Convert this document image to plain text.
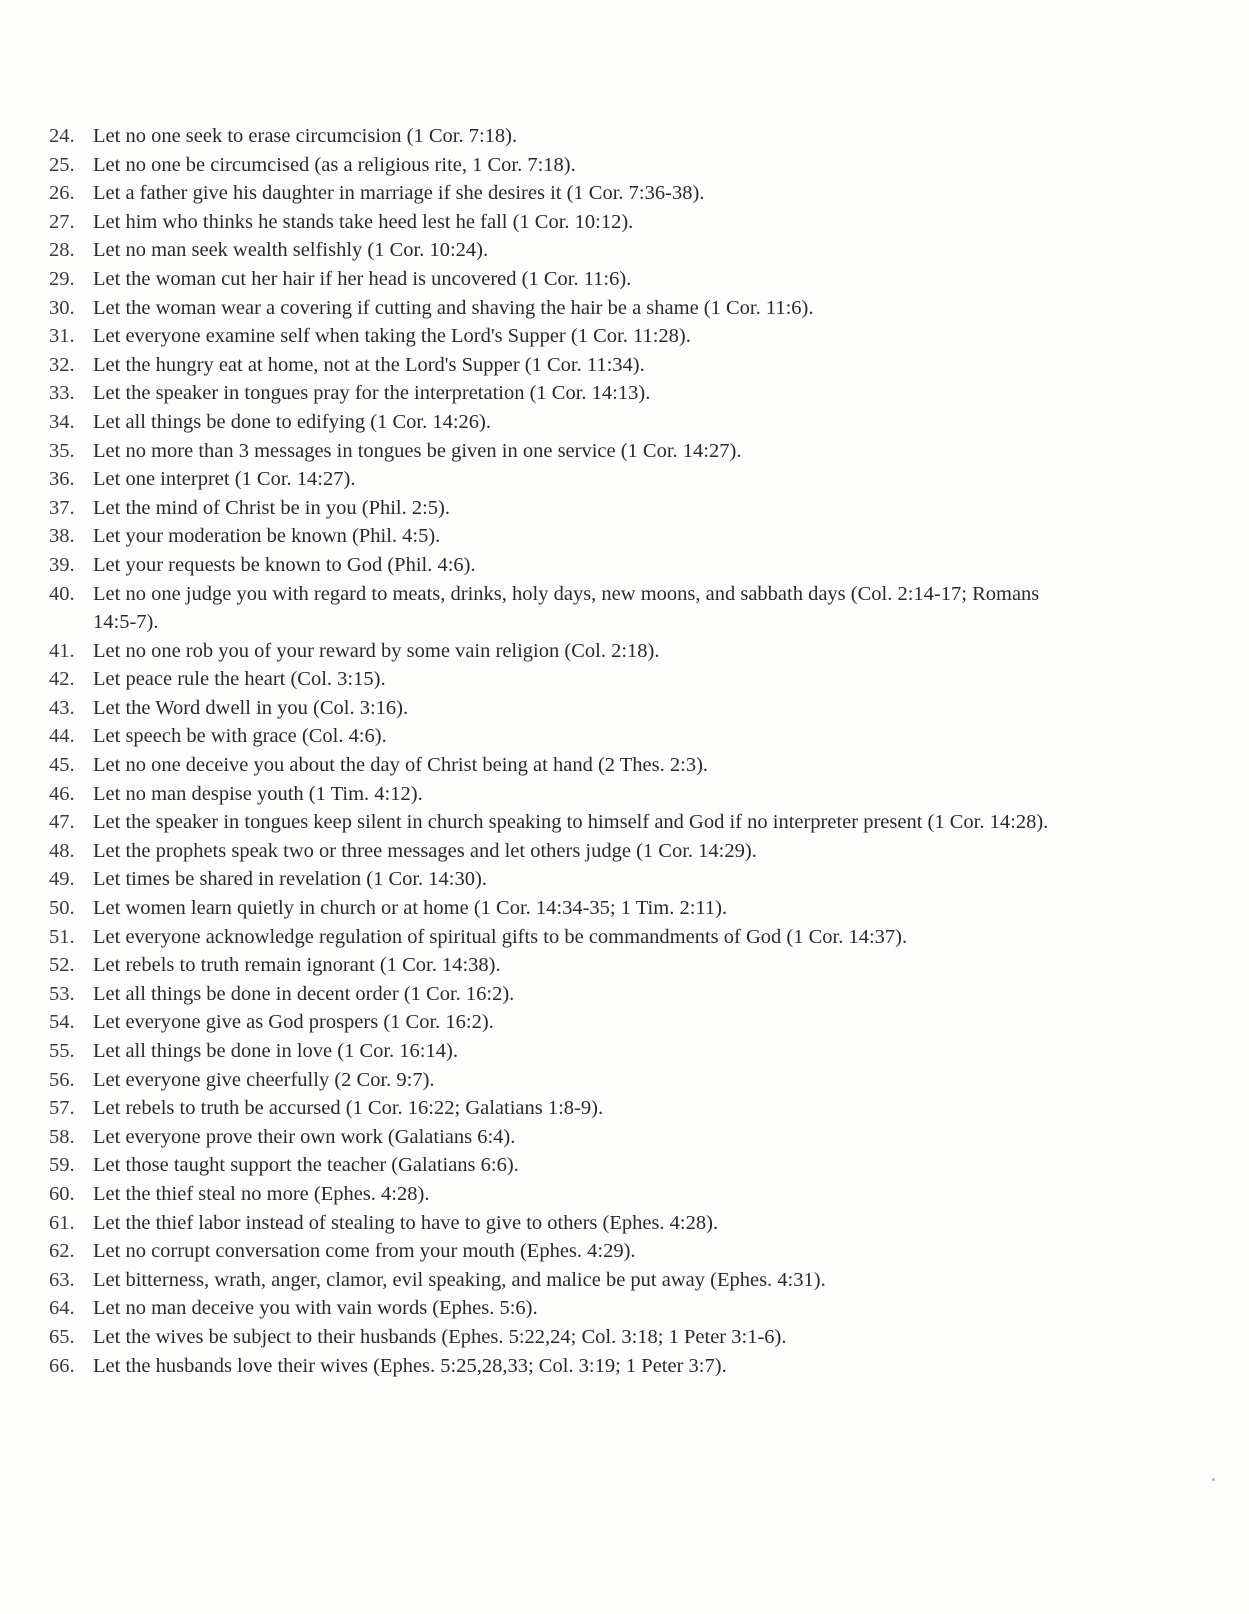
24. Let no one seek to erase circumcision (1 Cor. 7:18).
25. Let no one be circumcised (as a religious rite, 1 Cor. 7:18).
26. Let a father give his daughter in marriage if she desires it (1 Cor. 7:36-38).
27. Let him who thinks he stands take heed lest he fall (1 Cor. 10:12).
28. Let no man seek wealth selfishly (1 Cor. 10:24).
29. Let the woman cut her hair if her head is uncovered (1 Cor. 11:6).
30. Let the woman wear a covering if cutting and shaving the hair be a shame (1 Cor. 11:6).
31. Let everyone examine self when taking the Lord's Supper (1 Cor. 11:28).
32. Let the hungry eat at home, not at the Lord's Supper (1 Cor. 11:34).
33. Let the speaker in tongues pray for the interpretation (1 Cor. 14:13).
34. Let all things be done to edifying (1 Cor. 14:26).
35. Let no more than 3 messages in tongues be given in one service (1 Cor. 14:27).
36. Let one interpret (1 Cor. 14:27).
37. Let the mind of Christ be in you (Phil. 2:5).
38. Let your moderation be known (Phil. 4:5).
39. Let your requests be known to God (Phil. 4:6).
40. Let no one judge you with regard to meats, drinks, holy days, new moons, and sabbath days (Col. 2:14-17; Romans 14:5-7).
41. Let no one rob you of your reward by some vain religion (Col. 2:18).
42. Let peace rule the heart (Col. 3:15).
43. Let the Word dwell in you (Col. 3:16).
44. Let speech be with grace (Col. 4:6).
45. Let no one deceive you about the day of Christ being at hand (2 Thes. 2:3).
46. Let no man despise youth (1 Tim. 4:12).
47. Let the speaker in tongues keep silent in church speaking to himself and God if no interpreter present (1 Cor. 14:28).
48. Let the prophets speak two or three messages and let others judge (1 Cor. 14:29).
49. Let times be shared in revelation (1 Cor. 14:30).
50. Let women learn quietly in church or at home (1 Cor. 14:34-35; 1 Tim. 2:11).
51. Let everyone acknowledge regulation of spiritual gifts to be commandments of God (1 Cor. 14:37).
52. Let rebels to truth remain ignorant (1 Cor. 14:38).
53. Let all things be done in decent order (1 Cor. 16:2).
54. Let everyone give as God prospers (1 Cor. 16:2).
55. Let all things be done in love (1 Cor. 16:14).
56. Let everyone give cheerfully (2 Cor. 9:7).
57. Let rebels to truth be accursed (1 Cor. 16:22; Galatians 1:8-9).
58. Let everyone prove their own work (Galatians 6:4).
59. Let those taught support the teacher (Galatians 6:6).
60. Let the thief steal no more (Ephes. 4:28).
61. Let the thief labor instead of stealing to have to give to others (Ephes. 4:28).
62. Let no corrupt conversation come from your mouth (Ephes. 4:29).
63. Let bitterness, wrath, anger, clamor, evil speaking, and malice be put away (Ephes. 4:31).
64. Let no man deceive you with vain words (Ephes. 5:6).
65. Let the wives be subject to their husbands (Ephes. 5:22,24; Col. 3:18; 1 Peter 3:1-6).
66. Let the husbands love their wives (Ephes. 5:25,28,33; Col. 3:19; 1 Peter 3:7).
